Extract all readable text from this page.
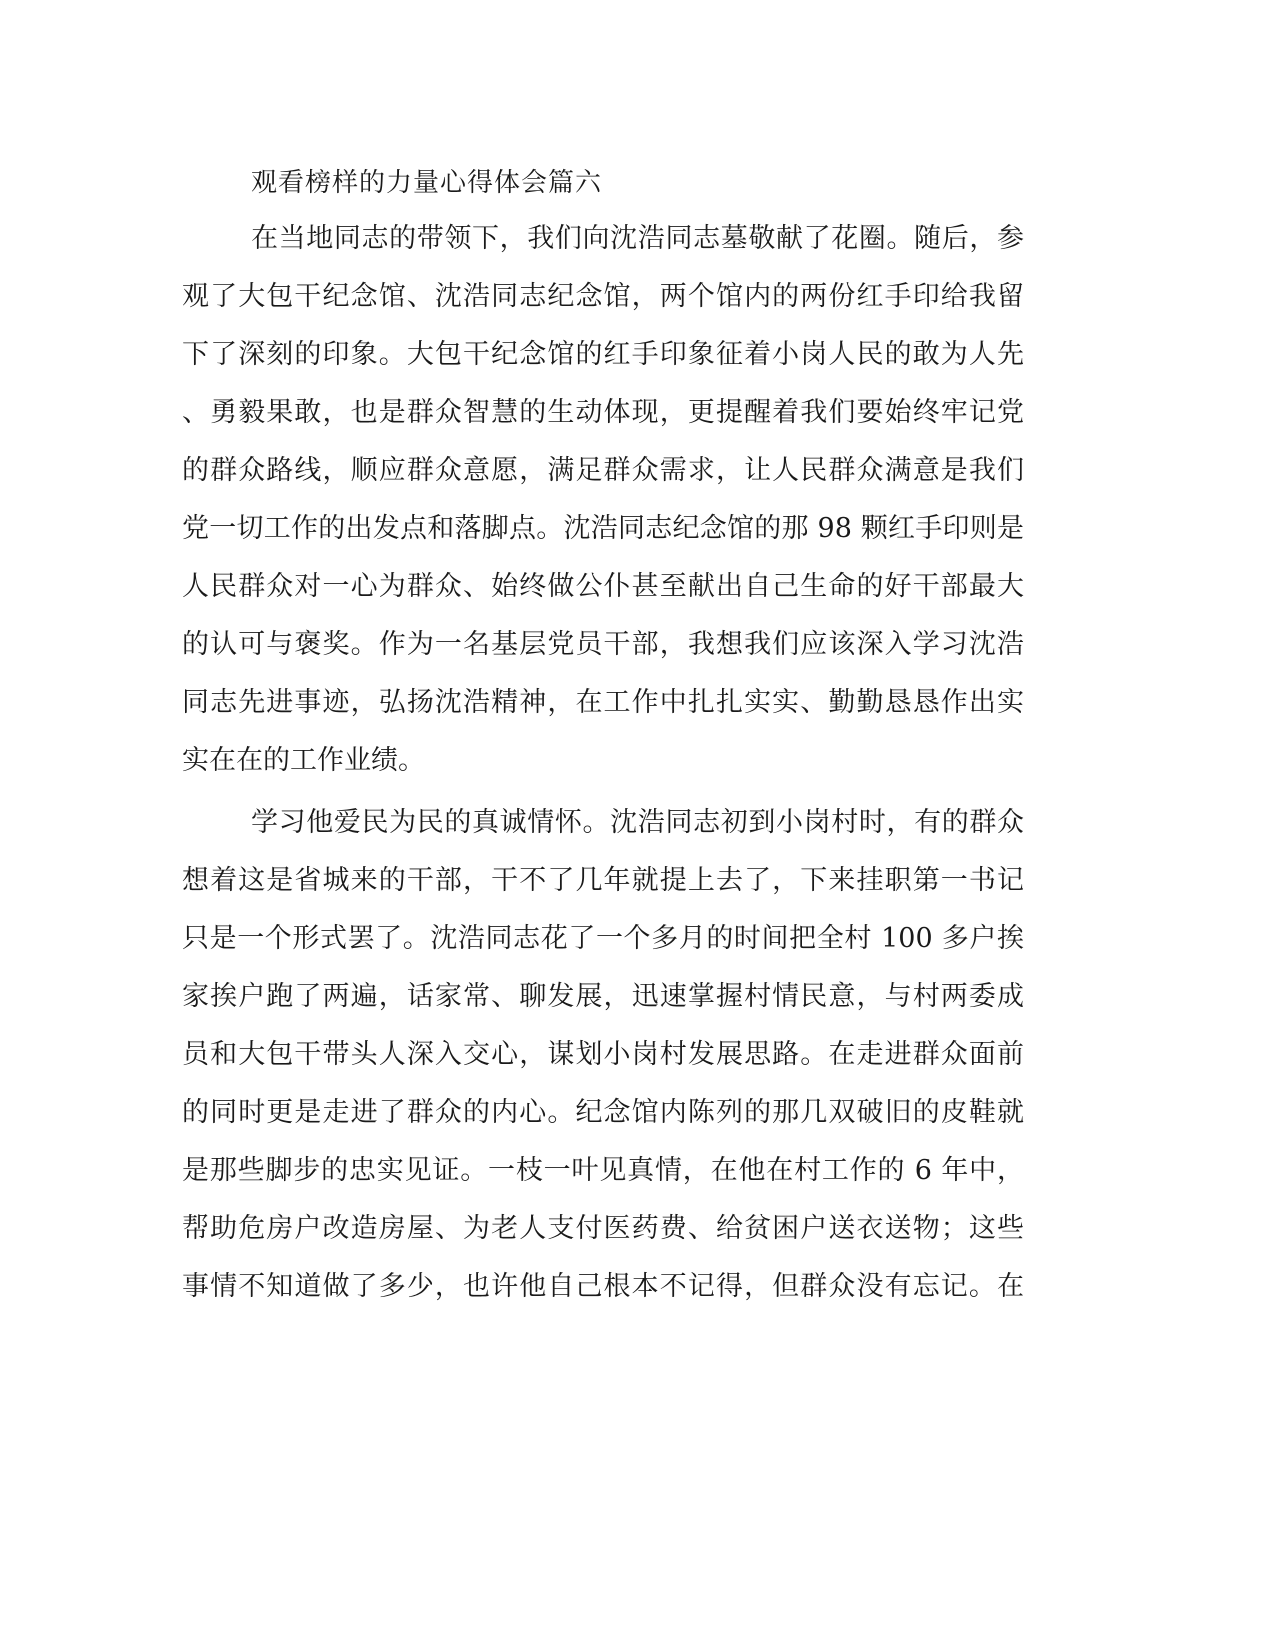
观看榜样的力量心得体会篇六
在当地同志的带领下，我们向沈浩同志墓敬献了花圈。随后，参
观了大包干纪念馆、沈浩同志纪念馆，两个馆内的两份红手印给我留
下了深刻的印象。大包干纪念馆的红手印象征着小岗人民的敢为人先
、勇毅果敢，也是群众智慧的生动体现，更提醒着我们要始终牢记党
的群众路线，顺应群众意愿，满足群众需求，让人民群众满意是我们
党一切工作的出发点和落脚点。沈浩同志纪念馆的那 98 颗红手印则是
人民群众对一心为群众、始终做公仆甚至献出自己生命的好干部最大
的认可与褒奖。作为一名基层党员干部，我想我们应该深入学习沈浩
同志先进事迹，弘扬沈浩精神，在工作中扎扎实实、勤勤恳恳作出实
实在在的工作业绩。
学习他爱民为民的真诚情怀。沈浩同志初到小岗村时，有的群众
想着这是省城来的干部，干不了几年就提上去了，下来挂职第一书记
只是一个形式罢了。沈浩同志花了一个多月的时间把全村 100 多户挨
家挨户跑了两遍，话家常、聊发展，迅速掌握村情民意，与村两委成
员和大包干带头人深入交心，谋划小岗村发展思路。在走进群众面前
的同时更是走进了群众的内心。纪念馆内陈列的那几双破旧的皮鞋就
是那些脚步的忠实见证。一枝一叶见真情，在他在村工作的 6 年中，
帮助危房户改造房屋、为老人支付医药费、给贫困户送衣送物；这些
事情不知道做了多少，也许他自己根本不记得，但群众没有忘记。在
